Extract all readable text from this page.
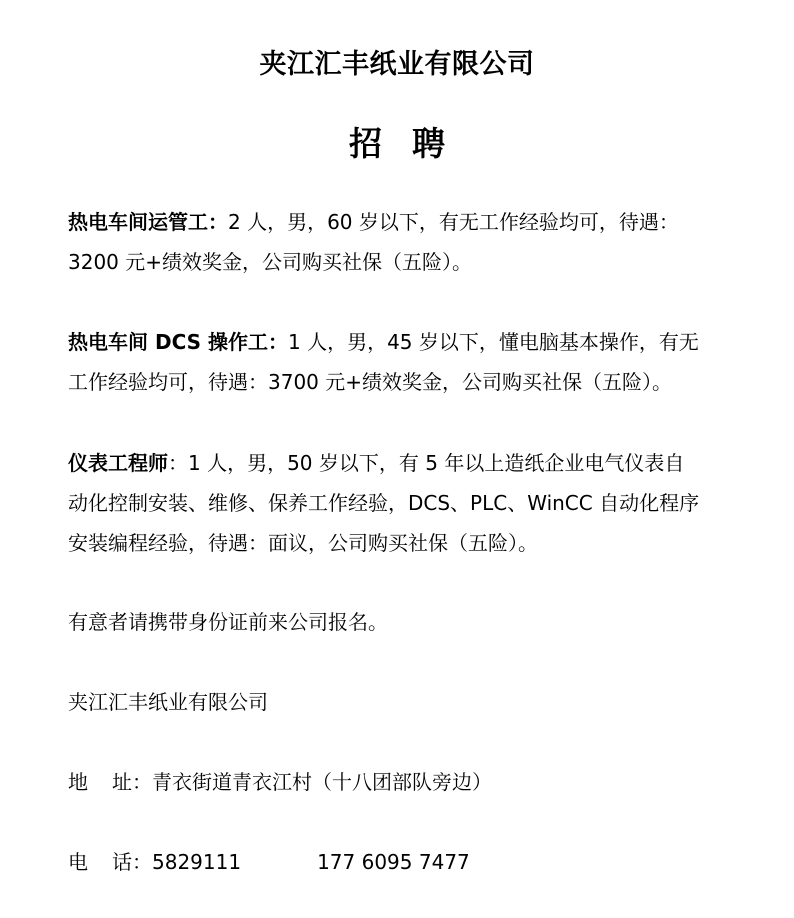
夹江汇丰纸业有限公司
招 聘
热电车间运管工：2 人，男，60 岁以下，有无工作经验均可，待遇：
3200 元+绩效奖金，公司购买社保（五险）。
热电车间 DCS 操作工：1 人，男，45 岁以下，懂电脑基本操作，有无
工作经验均可，待遇：3700 元+绩效奖金，公司购买社保（五险）。
仪表工程师：1 人，男，50 岁以下，有 5 年以上造纸企业电气仪表自
动化控制安装、维修、保养工作经验，DCS、PLC、WinCC 自动化程序
安装编程经验，待遇：面议，公司购买社保（五险）。
有意者请携带身份证前来公司报名。
夹江汇丰纸业有限公司
地 址：青衣街道青衣江村（十八团部队旁边）
电 话：5829111	177 6095 7477
